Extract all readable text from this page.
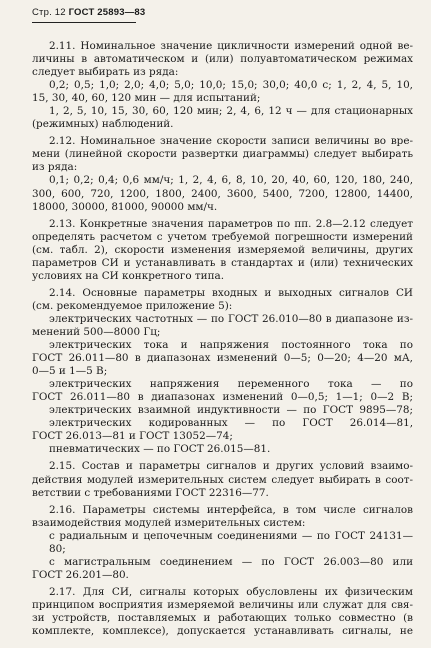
Стр. 12 ГОСТ 25893—83
2.11. Номинальное значение цикличности измерений одной ве-
личины в автоматическом и (или) полуавтоматическом режимах
следует выбирать из ряда:
0,2; 0,5; 1,0; 2,0; 4,0; 5,0; 10,0; 15,0; 30,0; 40,0 с; 1, 2, 4, 5, 10,
15, 30, 40, 60, 120 мин — для испытаний;
1, 2, 5, 10, 15, 30, 60, 120 мин; 2, 4, 6, 12 ч — для стационарных
(режимных) наблюдений.
2.12. Номинальное значение скорости записи величины во вре-
мени (линейной скорости развертки диаграммы) следует выбирать
из ряда:
0,1; 0,2; 0,4; 0,6 мм/ч; 1, 2, 4, 6, 8, 10, 20, 40, 60, 120, 180, 240,
300, 600, 720, 1200, 1800, 2400, 3600, 5400, 7200, 12800, 14400,
18000, 30000, 81000, 90000 мм/ч.
2.13. Конкретные значения параметров по пп. 2.8—2.12 следует
определять расчетом с учетом требуемой погрешности измерений
(см. табл. 2), скорости изменения измеряемой величины, других
параметров СИ и устанавливать в стандартах и (или) технических
условиях на СИ конкретного типа.
2.14. Основные параметры входных и выходных сигналов СИ
(см. рекомендуемое приложение 5):
электрических частотных — по ГОСТ 26.010—80 в диапазоне из-
менений 500—8000 Гц;
электрических тока и напряжения постоянного тока по
ГОСТ 26.011—80 в диапазонах изменений 0—5; 0—20; 4—20 мА,
0—5 и 1—5 В;
электрических напряжения переменного тока — по
ГОСТ 26.011—80 в диапазонах изменений 0—0,5; 1—1; 0—2 В;
электрических взаимной индуктивности — по ГОСТ 9895—78;
электрических кодированных — по ГОСТ 26.014—81,
ГОСТ 26.013—81 и ГОСТ 13052—74;
пневматических — по ГОСТ 26.015—81.
2.15. Состав и параметры сигналов и других условий взаимо-
действия модулей измерительных систем следует выбирать в соот-
ветствии с требованиями ГОСТ 22316—77.
2.16. Параметры системы интерфейса, в том числе сигналов
взаимодействия модулей измерительных систем:
с радиальным и цепочечным соединениями — по ГОСТ 24131—
80;
с магистральным соединением — по ГОСТ 26.003—80 или
ГОСТ 26.201—80.
2.17. Для СИ, сигналы которых обусловлены их физическим
принципом восприятия измеряемой величины или служат для свя-
зи устройств, поставляемых и работающих только совместно (в
комплекте, комплексе), допускается устанавливать сигналы, не
